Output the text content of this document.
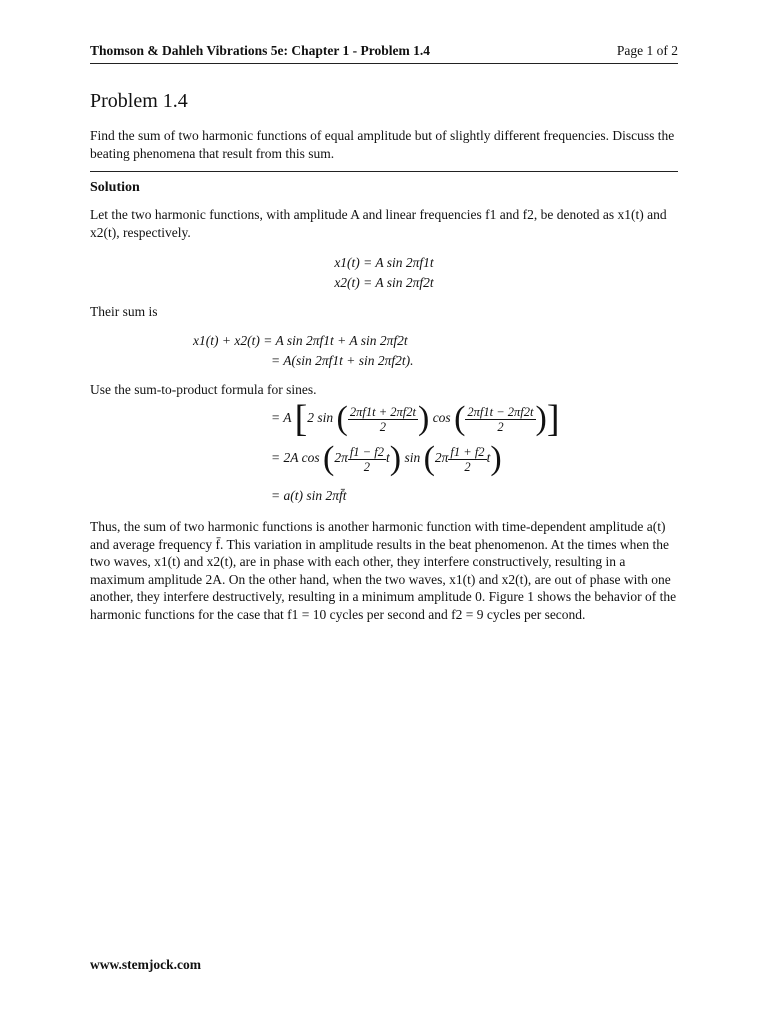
Thomson & Dahleh Vibrations 5e: Chapter 1 - Problem 1.4	Page 1 of 2
Problem 1.4

Find the sum of two harmonic functions of equal amplitude but of slightly different frequencies. Discuss the beating phenomena that result from this sum.

Solution

Let the two harmonic functions, with amplitude A and linear frequencies f1 and f2, be denoted as x1(t) and x2(t), respectively.

x1(t) = A sin 2πf1t
x2(t) = A sin 2πf2t

Their sum is

x1(t) + x2(t) = A sin 2πf1t + A sin 2πf2t
= A(sin 2πf1t + sin 2πf2t).

Use the sum-to-product formula for sines.

= A [2 sin ( $\frac{2\pi f1t + 2\pi f2t}{2}$ ) cos ( $\frac{2\pi f1t - 2\pi f2t}{2}$ )]
= 2A $\cos (2\pi \frac{f1 - f2}{2} t)$ $\sin (2\pi \frac{f1 + f2}{2} t)$
= a(t) sin 2πf̄t

Thus, the sum of two harmonic functions is another harmonic function with time-dependent amplitude a(t) and average frequency f̄. This variation in amplitude results in the beat phenomenon. At the times when the two waves, x1(t) and x2(t), are in phase with each other, they interfere constructively, resulting in a maximum amplitude 2A. On the other hand, when the two waves, x1(t) and x2(t), are out of phase with one another, they interfere destructively, resulting in a minimum amplitude 0. Figure 1 shows the behavior of the harmonic functions for the case that f1 = 10 cycles per second and f2 = 9 cycles per second.

www.stemjock.com
